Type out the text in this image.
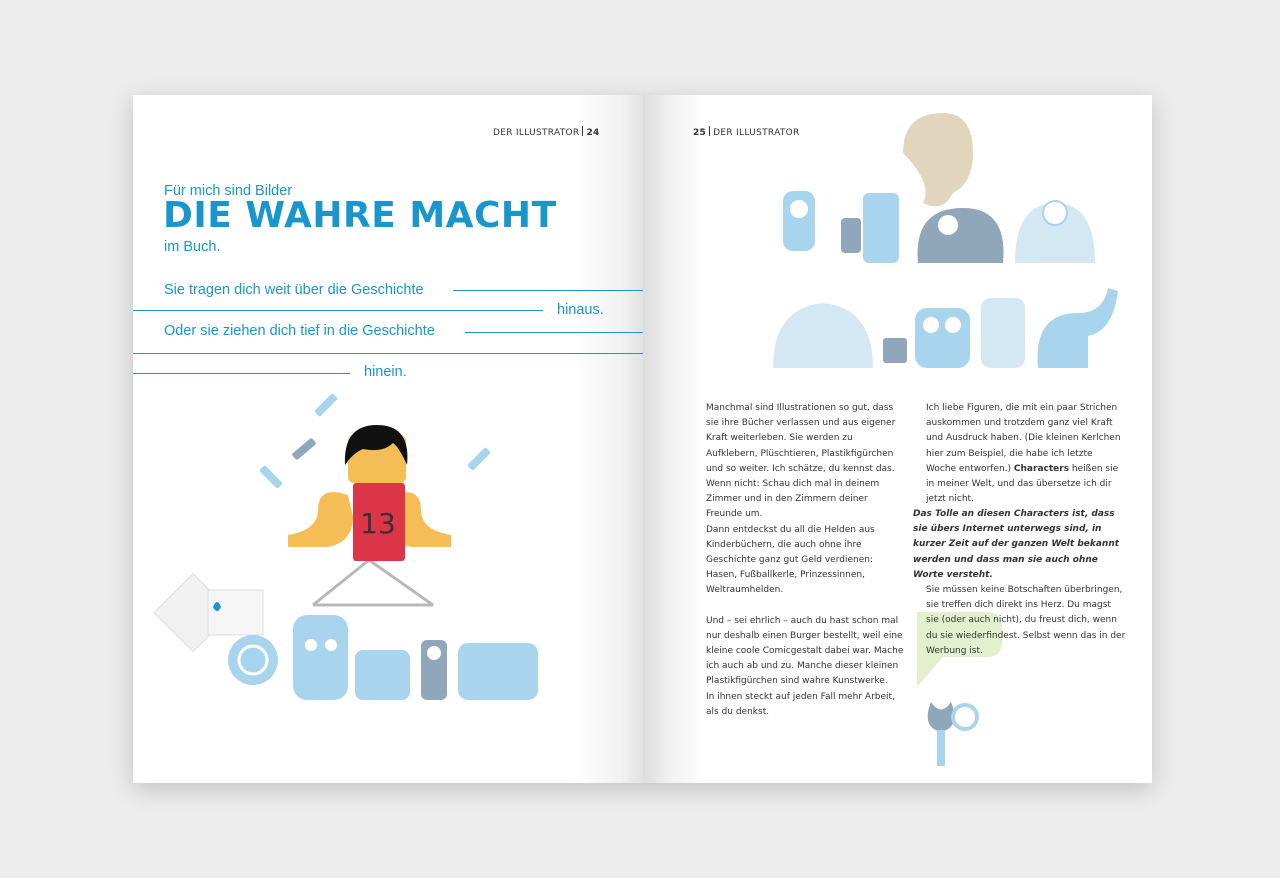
DER ILLUSTRATOR 24
Für mich sind Bilder
DIE WAHRE MACHT
im Buch.
Sie tragen dich weit über die Geschichte
hinaus.
Oder sie ziehen dich tief in die Geschichte
hinein.
13
25 DER ILLUSTRATOR

Manchmal sind Illustrationen so gut, dass sie ihre Bücher verlassen und aus eigener Kraft weiterleben. Sie werden zu Aufklebern, Plüschtieren, Plastikfigürchen und so weiter. Ich schätze, du kennst das. Wenn nicht: Schau dich mal in deinem Zimmer und in den Zimmern deiner Freunde um.

Dann entdeckst du all die Helden aus Kinderbüchern, die auch ohne ihre Geschichte ganz gut Geld verdienen: Hasen, Fußballkerle, Prinzessinnen, Weltraumhelden.

Und – sei ehrlich – auch du hast schon mal nur deshalb einen Burger bestellt, weil eine kleine coole Comicgestalt dabei war. Mache ich auch ab und zu. Manche dieser kleinen Plastikfigürchen sind wahre Kunstwerke.

In ihnen steckt auf jeden Fall mehr Arbeit, als du denkst.

Ich liebe Figuren, die mit ein paar Strichen auskommen und trotzdem ganz viel Kraft und Ausdruck haben. (Die kleinen Kerlchen hier zum Beispiel, die habe ich letzte Woche entworfen.) Characters heißen sie in meiner Welt, und das übersetze ich dir jetzt nicht.

Das Tolle an diesen Characters ist, dass sie übers Internet unterwegs sind, in kurzer Zeit auf der ganzen Welt bekannt werden und dass man sie auch ohne Worte versteht.
Sie müssen keine Botschaften überbringen, sie treffen dich direkt ins Herz. Du magst sie (oder auch nicht), du freust dich, wenn du sie wiederfindest. Selbst wenn das in der Werbung ist.
